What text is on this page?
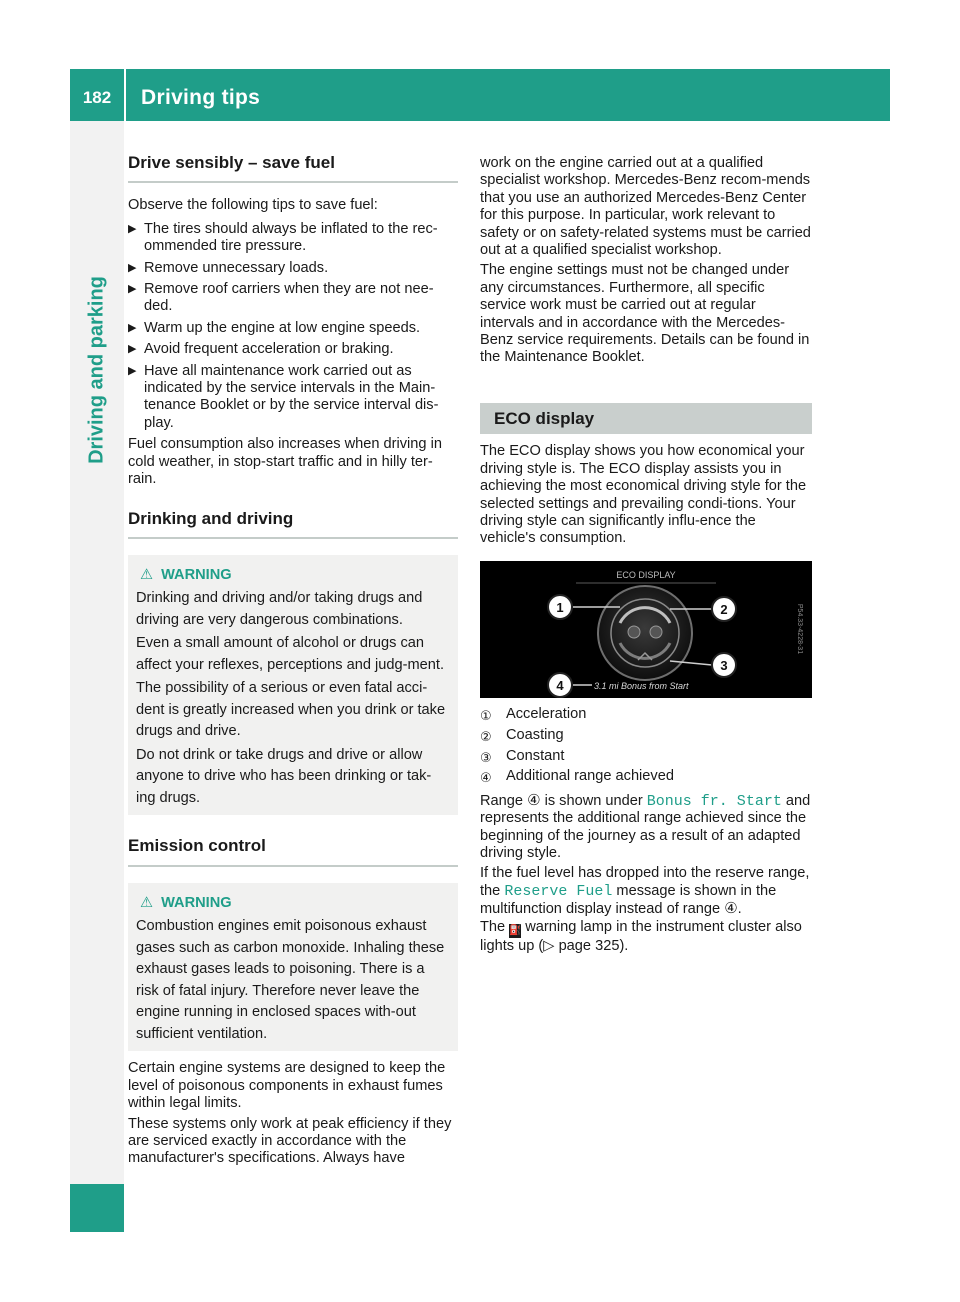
182	Driving tips
Driving and parking
Drive sensibly – save fuel

Observe the following tips to save fuel:

▶ The tires should always be inflated to the rec-ommended tire pressure.
▶ Remove unnecessary loads.
▶ Remove roof carriers when they are not nee-ded.
▶ Warm up the engine at low engine speeds.
▶ Avoid frequent acceleration or braking.
▶ Have all maintenance work carried out as indicated by the service intervals in the Main-tenance Booklet or by the service interval dis-play.

Fuel consumption also increases when driving in cold weather, in stop-start traffic and in hilly ter-rain.

Drinking and driving
⚠ WARNING

Drinking and driving and/or taking drugs and driving are very dangerous combinations.

Even a small amount of alcohol or drugs can affect your reflexes, perceptions and judg-ment.

The possibility of a serious or even fatal acci-dent is greatly increased when you drink or take drugs and drive.

Do not drink or take drugs and drive or allow anyone to drive who has been drinking or tak-ing drugs.

Emission control
⚠ WARNING

Combustion engines emit poisonous exhaust gases such as carbon monoxide. Inhaling these exhaust gases leads to poisoning. There is a risk of fatal injury. Therefore never leave the engine running in enclosed spaces with-out sufficient ventilation.

Certain engine systems are designed to keep the level of poisonous components in exhaust fumes within legal limits.

These systems only work at peak efficiency if they are serviced exactly in accordance with the manufacturer's specifications. Always have

work on the engine carried out at a qualified specialist workshop. Mercedes-Benz recom-mends that you use an authorized Mercedes-Benz Center for this purpose. In particular, work relevant to safety or on safety-related systems must be carried out at a qualified specialist workshop.

The engine settings must not be changed under any circumstances. Furthermore, all specific service work must be carried out at regular intervals and in accordance with the Mercedes-Benz service requirements. Details can be found in the Maintenance Booklet.

ECO display

The ECO display shows you how economical your driving style is. The ECO display assists you in achieving the most economical driving style for the selected settings and prevailing condi-tions. Your driving style can significantly influ-ence the vehicle's consumption.

ECO DISPLAY
1	2
3
4	3.1 mi Bonus from Start
P54.33-4228-31
① Acceleration
② Coasting
③ Constant
④ Additional range achieved

Range ④ is shown under Bonus fr. Start and represents the additional range achieved since the beginning of the journey as a result of an adapted driving style.

If the fuel level has dropped into the reserve range, the Reserve Fuel message is shown in the multifunction display instead of range ④.
The ⛽ warning lamp in the instrument cluster also lights up (▷ page 325).
